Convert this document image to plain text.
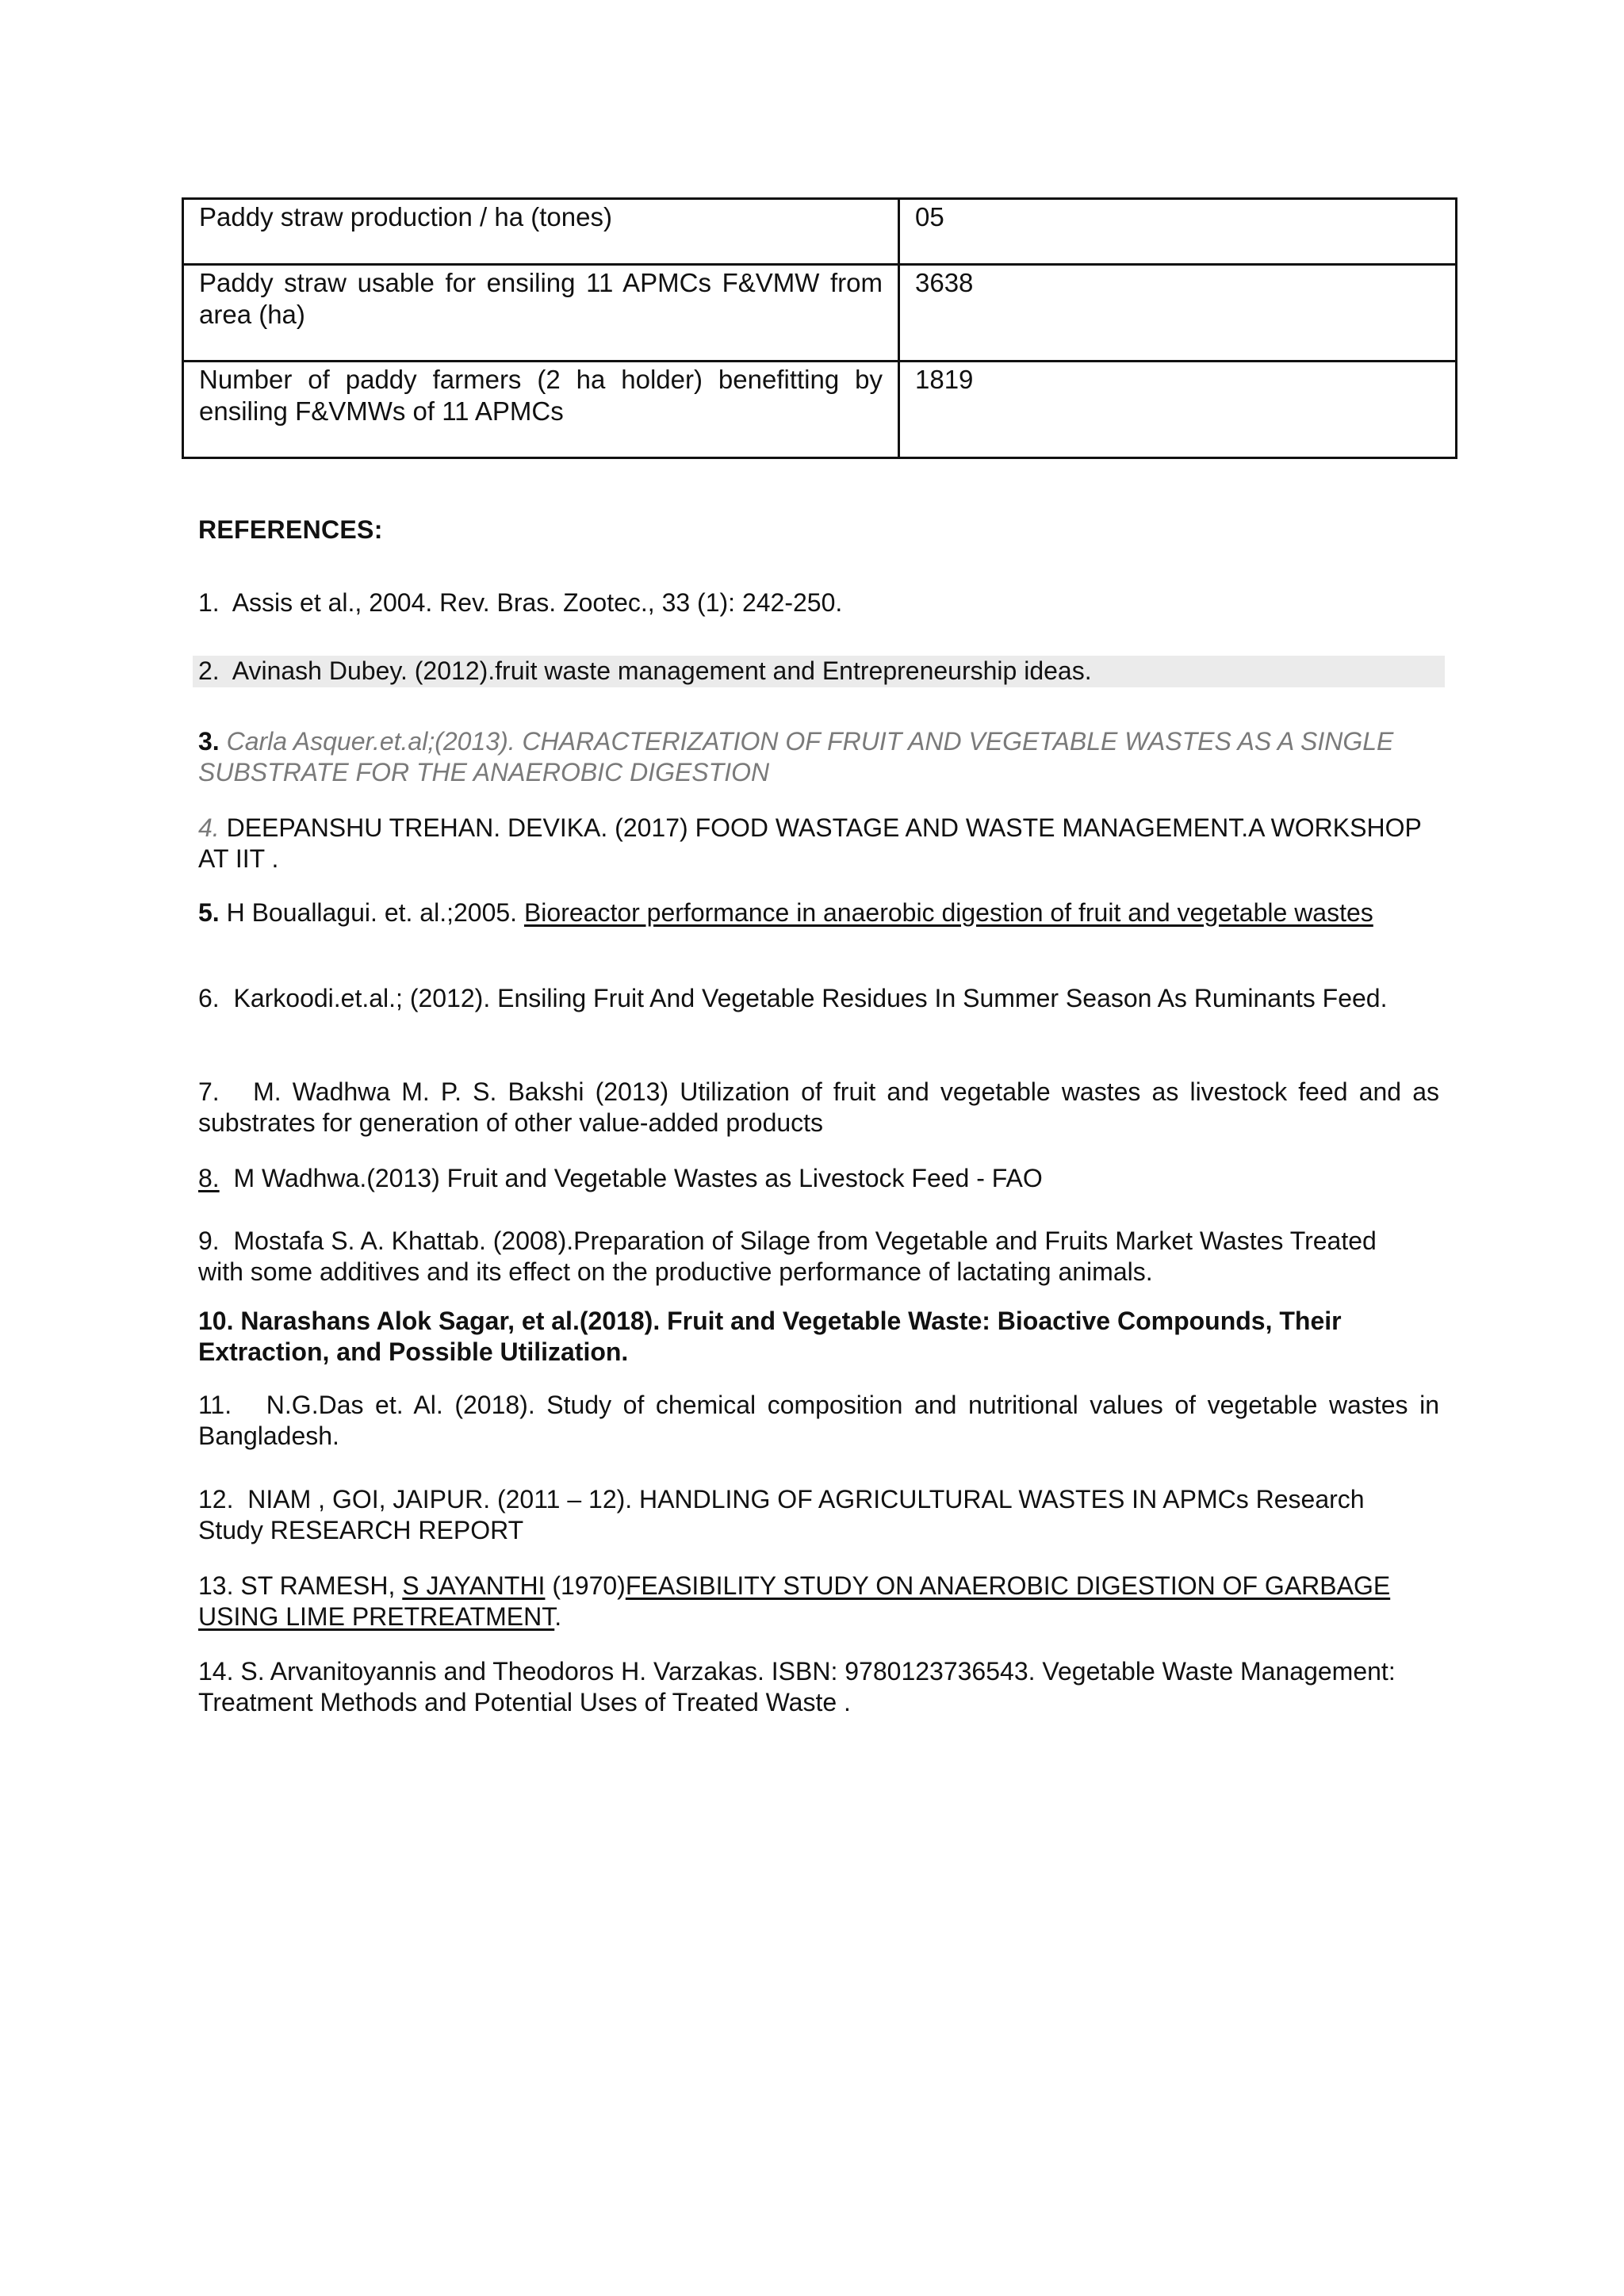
Paddy straw production / ha (tones)	05
Paddy straw usable for ensiling 11 APMCs F&VMW from area (ha)	3638
Number of paddy farmers (2 ha holder) benefitting by ensiling F&VMWs of 11 APMCs	1819
REFERENCES:

1. Assis et al., 2004. Rev. Bras. Zootec., 33 (1): 242-250.

2. Avinash Dubey. (2012).fruit waste management and Entrepreneurship ideas.

3. Carla Asquer.et.al;(2013). CHARACTERIZATION OF FRUIT AND VEGETABLE WASTES AS A SINGLE SUBSTRATE FOR THE ANAEROBIC DIGESTION

4. DEEPANSHU TREHAN. DEVIKA. (2017) FOOD WASTAGE AND WASTE MANAGEMENT.A WORKSHOP AT IIT .

5. H Bouallagui. et. al.;2005. Bioreactor performance in anaerobic digestion of fruit and vegetable wastes

6. Karkoodi.et.al.; (2012). Ensiling Fruit And Vegetable Residues In Summer Season As Ruminants Feed.

7. M. Wadhwa M. P. S. Bakshi (2013) Utilization of fruit and vegetable wastes as livestock feed and as substrates for generation of other value-added products

8. M Wadhwa.(2013) Fruit and Vegetable Wastes as Livestock Feed - FAO

9. Mostafa S. A. Khattab. (2008).Preparation of Silage from Vegetable and Fruits Market Wastes Treated with some additives and its effect on the productive performance of lactating animals.

10. Narashans Alok Sagar, et al.(2018). Fruit and Vegetable Waste: Bioactive Compounds, Their Extraction, and Possible Utilization.

11. N.G.Das et. Al. (2018). Study of chemical composition and nutritional values of vegetable wastes in Bangladesh.

12. NIAM , GOI, JAIPUR. (2011 – 12). HANDLING OF AGRICULTURAL WASTES IN APMCs Research Study RESEARCH REPORT

13. ST RAMESH, S JAYANTHI (1970)FEASIBILITY STUDY ON ANAEROBIC DIGESTION OF GARBAGE USING LIME PRETREATMENT.

14. S. Arvanitoyannis and Theodoros H. Varzakas. ISBN: 9780123736543. Vegetable Waste Management: Treatment Methods and Potential Uses of Treated Waste .
